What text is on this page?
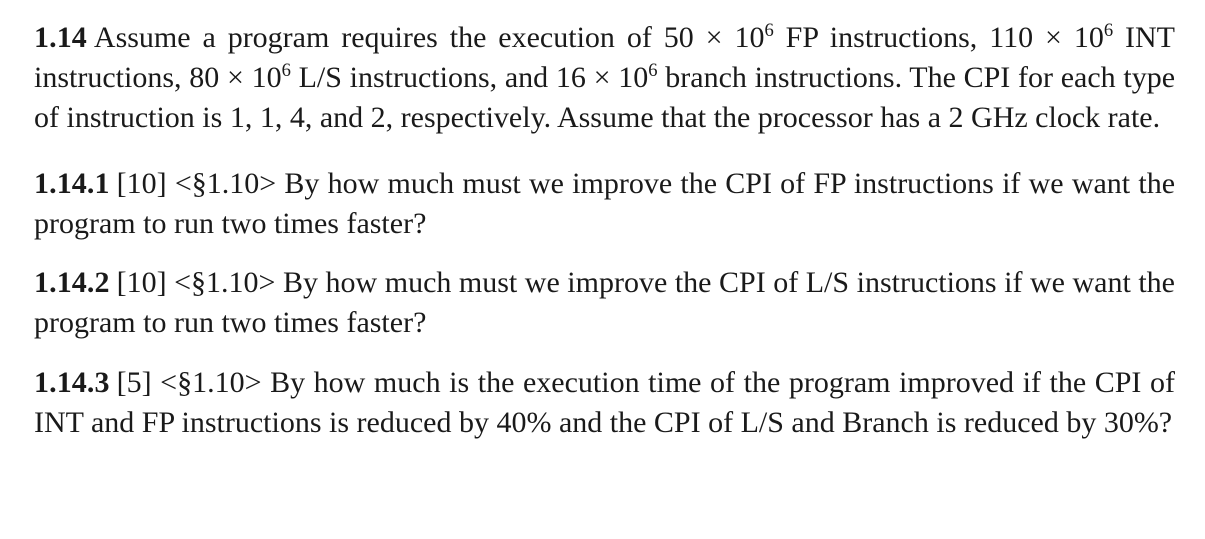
1.14 Assume a program requires the execution of $50 \times 10^6$ FP instructions, $110 \times 10^6$ INT instructions, $80 \times 10^6$ L/S instructions, and $16 \times 10^6$ branch instructions. The CPI for each type of instruction is 1, 1, 4, and 2, respectively. Assume that the processor has a 2 GHz clock rate.

1.14.1 [10] <§1.10> By how much must we improve the CPI of FP instructions if we want the program to run two times faster?

1.14.2 [10] <§1.10> By how much must we improve the CPI of L/S instructions if we want the program to run two times faster?

1.14.3 [5] <§1.10> By how much is the execution time of the program improved if the CPI of INT and FP instructions is reduced by 40% and the CPI of L/S and Branch is reduced by 30%?
